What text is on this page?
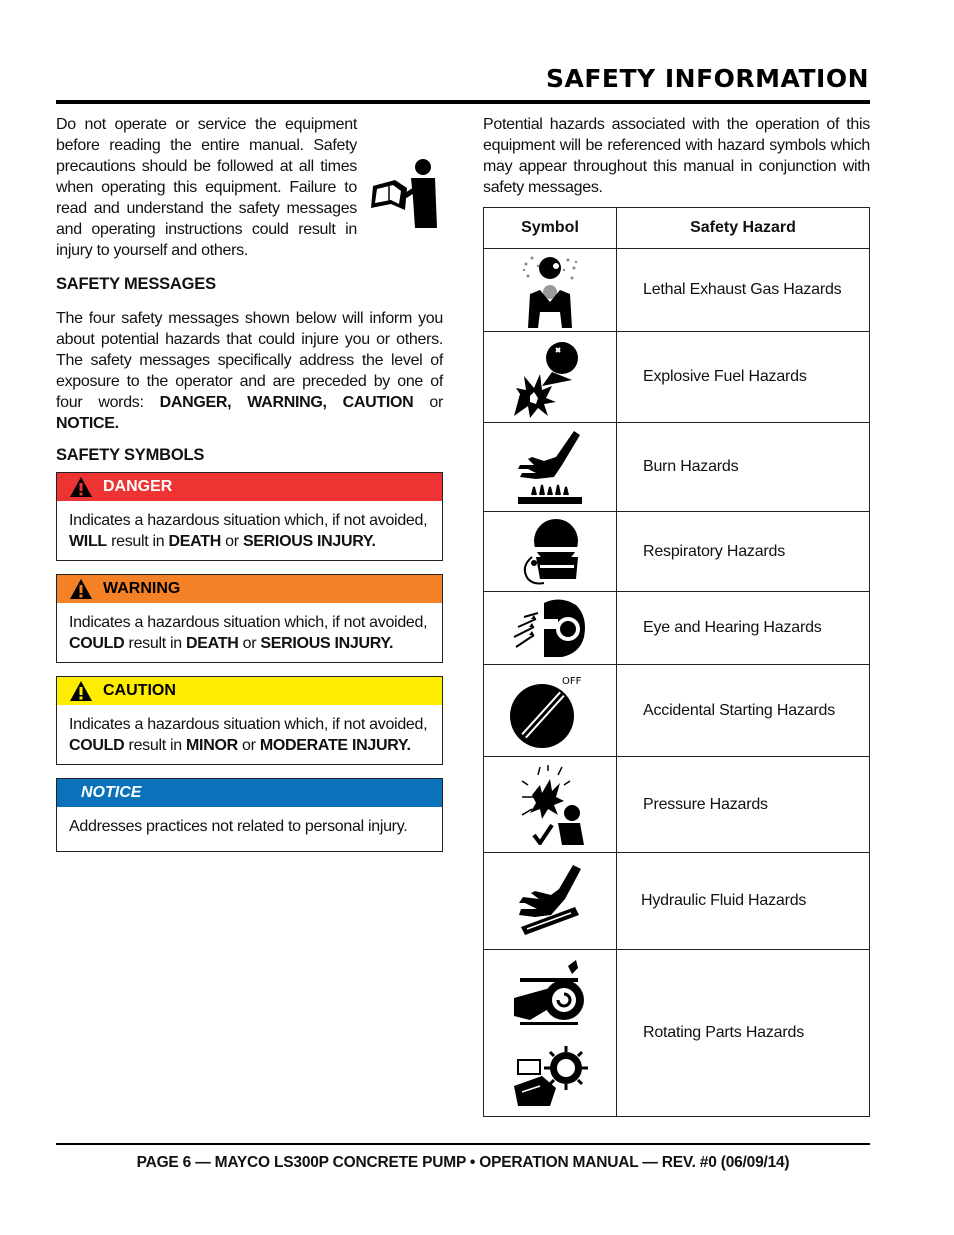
SAFETY INFORMATION

Do not operate or service the equipment before reading the entire manual. Safety precautions should be followed at all times when operating this equipment. Failure to read and understand the safety messages and operating instructions could result in injury to yourself and others.

SAFETY MESSAGES

The four safety messages shown below will inform you about potential hazards that could injure you or others. The safety messages specifically address the level of exposure to the operator and are preceded by one of four words: DANGER, WARNING, CAUTION or NOTICE.

SAFETY SYMBOLS
DANGER
Indicates a hazardous situation which, if not avoided, WILL result in DEATH or SERIOUS INJURY.
WARNING
Indicates a hazardous situation which, if not avoided, COULD result in DEATH or SERIOUS INJURY.
CAUTION
Indicates a hazardous situation which, if not avoided, COULD result in MINOR or MODERATE INJURY.
NOTICE
Addresses practices not related to personal injury.

Potential hazards associated with the operation of this equipment will be referenced with hazard symbols which may appear throughout this manual in conjunction with safety messages.

Symbol	Safety Hazard

	Lethal Exhaust Gas Hazards

	Explosive Fuel Hazards

	Burn Hazards

	Respiratory Hazards

	Eye and Hearing Hazards

OFF	Accidental Starting Hazards

	Pressure Hazards

	Hydraulic Fluid Hazards

	Rotating Parts Hazards
PAGE 6 — MAYCO LS300P CONCRETE PUMP • OPERATION MANUAL — REV. #0 (06/09/14)
